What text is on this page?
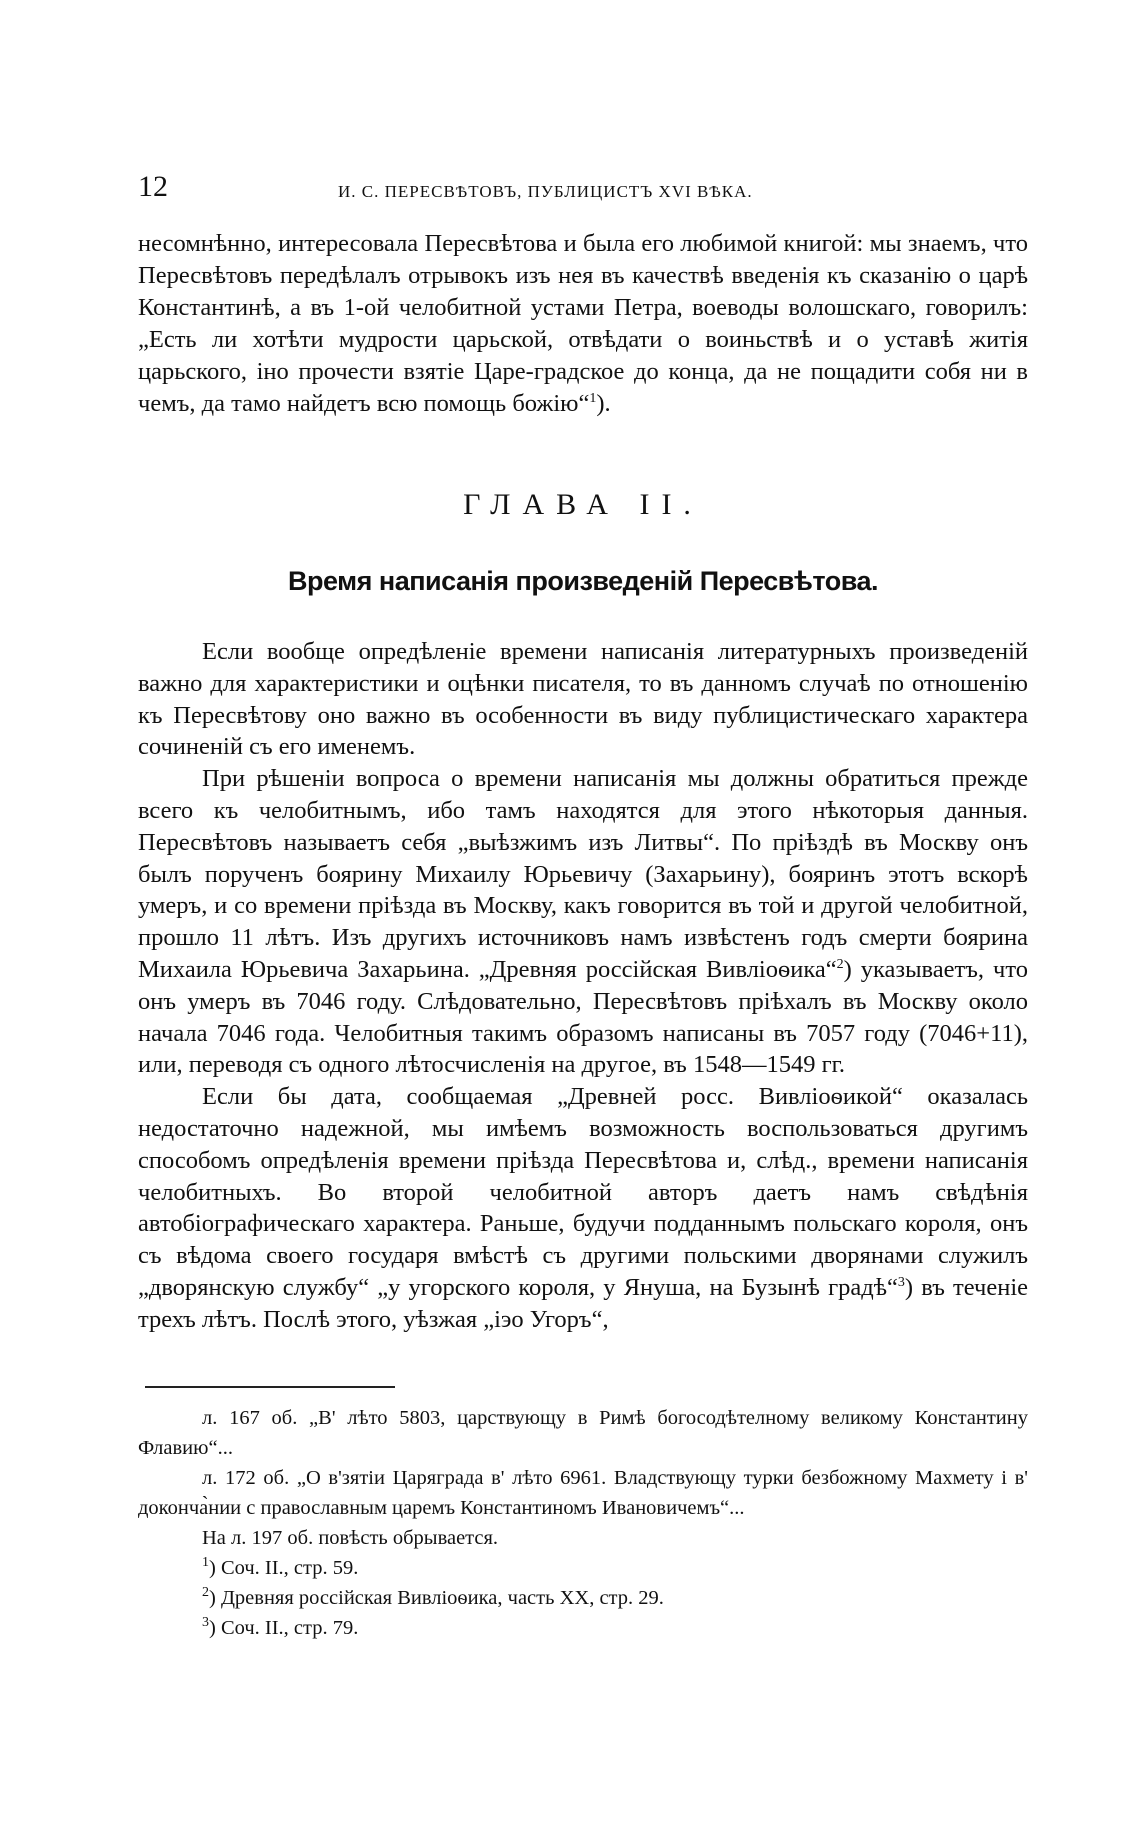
12	И. С. ПЕРЕСВѢТОВЪ, ПУБЛИЦИСТЪ XVI ВѢКА.

несомнѣнно, интересовала Пересвѣтова и была его любимой книгой: мы знаемъ, что Пересвѣтовъ передѣлалъ отрывокъ изъ нея въ качествѣ введенія къ сказанію о царѣ Константинѣ, а въ 1-ой челобитной устами Петра, воеводы волошскаго, говорилъ: „Есть ли хотѣти мудрости царьской, отвѣдати о воиньствѣ и о уставѣ житія царьского, іно прочести взятіе Царе-градское до конца, да не пощадити собя ни в чемъ, да тамо найдетъ всю помощь божію“$^1$).

ГЛАВА II.
Время написанія произведеній Пересвѣтова.

Если вообще опредѣленіе времени написанія литературныхъ произведеній важно для характеристики и оцѣнки писателя, то въ данномъ случаѣ по отношенію къ Пересвѣтову оно важно въ особенности въ виду публицистическаго характера сочиненій съ его именемъ.

При рѣшеніи вопроса о времени написанія мы должны обратиться прежде всего къ челобитнымъ, ибо тамъ находятся для этого нѣкоторыя данныя. Пересвѣтовъ называетъ себя „выѣзжимъ изъ Литвы“. По пріѣздѣ въ Москву онъ былъ порученъ боярину Михаилу Юрьевичу (Захарьину), бояринъ этотъ вскорѣ умеръ, и со времени пріѣзда въ Москву, какъ говорится въ той и другой челобитной, прошло 11 лѣтъ. Изъ другихъ источниковъ намъ извѣстенъ годъ смерти боярина Михаила Юрьевича Захарьина. „Древняя россійская Вивліоѳика“$^2$) указываетъ, что онъ умеръ въ 7046 году. Слѣдовательно, Пересвѣтовъ пріѣхалъ въ Москву около начала 7046 года. Челобитныя такимъ образомъ написаны въ 7057 году (7046+11), или, переводя съ одного лѣтосчисленія на другое, въ 1548—1549 гг.

Если бы дата, сообщаемая „Древней росс. Вивліоѳикой“ оказалась недостаточно надежной, мы имѣемъ возможность воспользоваться другимъ способомъ опредѣленія времени пріѣзда Пересвѣтова и, слѣд., времени написанія челобитныхъ. Во второй челобитной авторъ даетъ намъ свѣдѣнія автобіографическаго характера. Раньше, будучи подданнымъ польскаго короля, онъ съ вѣдома своего государя вмѣстѣ съ другими польскими дворянами служилъ „дворянскую службу“ „у угорского короля, у Януша, на Бузынѣ градѣ“$^3$) въ теченіе трехъ лѣтъ. Послѣ этого, уѣзжая „іэо Угоръ“,

л. 167 об. „В' лѣто 5803, царствующу в Римѣ богосодѣтелному великому Константину Флавию“...

л. 172 об. „О в'зятіи Царяграда в' лѣто 6961. Владствующу турки безбожному Махмету і в' доконча̀нии с православным царемъ Константиномъ Ивановичемъ“...

На л. 197 об. повѣсть обрывается.

$^1$) Соч. II., стр. 59.

$^2$) Древняя россійская Вивліоѳика, часть XX, стр. 29.

$^3$) Соч. II., стр. 79.
